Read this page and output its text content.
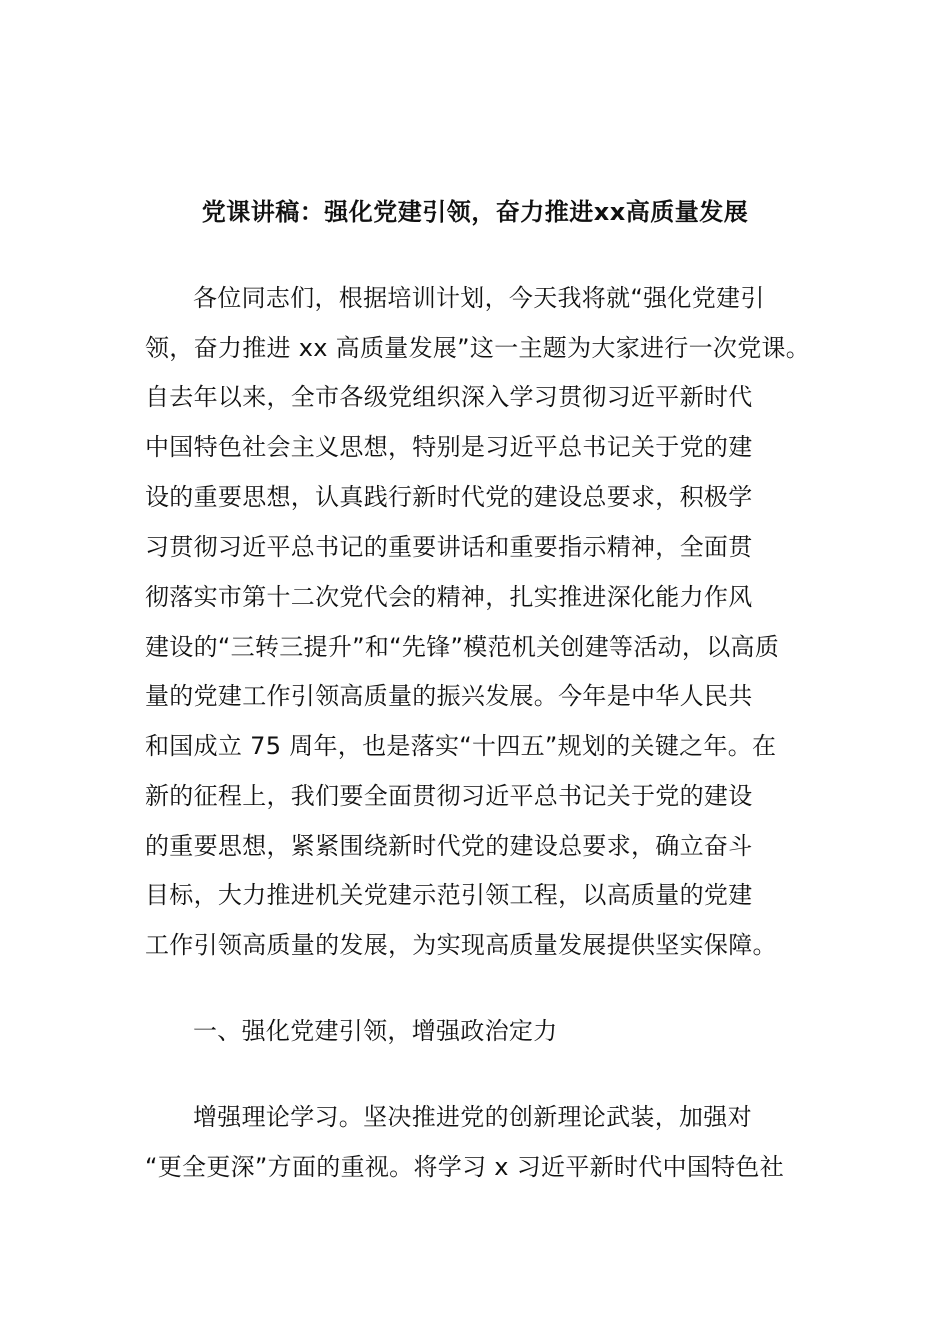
党课讲稿：强化党建引领，奋力推进xx高质量发展
各位同志们，根据培训计划，今天我将就“强化党建引
领，奋力推进 xx 高质量发展”这一主题为大家进行一次党课。
自去年以来，全市各级党组织深入学习贯彻习近平新时代
中国特色社会主义思想，特别是习近平总书记关于党的建
设的重要思想，认真践行新时代党的建设总要求，积极学
习贯彻习近平总书记的重要讲话和重要指示精神，全面贯
彻落实市第十二次党代会的精神，扎实推进深化能力作风
建设的“三转三提升”和“先锋”模范机关创建等活动，以高质
量的党建工作引领高质量的振兴发展。今年是中华人民共
和国成立 75 周年，也是落实“十四五”规划的关键之年。在
新的征程上，我们要全面贯彻习近平总书记关于党的建设
的重要思想，紧紧围绕新时代党的建设总要求，确立奋斗
目标，大力推进机关党建示范引领工程，以高质量的党建
工作引领高质量的发展，为实现高质量发展提供坚实保障。
一、强化党建引领，增强政治定力
增强理论学习。坚决推进党的创新理论武装，加强对
“更全更深”方面的重视。将学习 x 习近平新时代中国特色社
